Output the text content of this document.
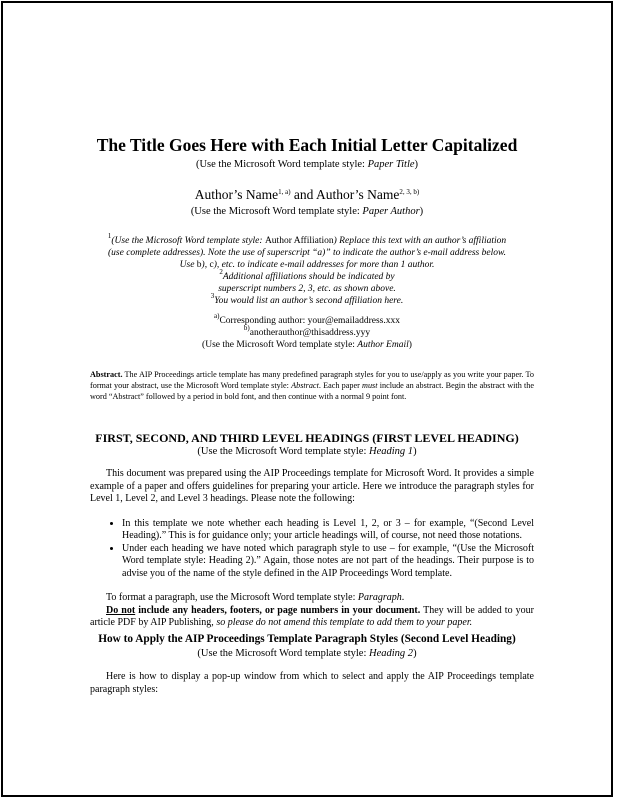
The Title Goes Here with Each Initial Letter Capitalized
(Use the Microsoft Word template style: Paper Title)
Author’s Name$^{1, a)}$ and Author’s Name$^{2, 3, b)}$
(Use the Microsoft Word template style: Paper Author)
$^1$(Use the Microsoft Word template style: Author Affiliation) Replace this text with an author’s affiliation
(use complete addresses). Note the use of superscript “a)” to indicate the author’s e-mail address below.
Use b), c), etc. to indicate e-mail addresses for more than 1 author.
$^2$Additional affiliations should be indicated by
superscript numbers 2, 3, etc. as shown above.
$^3$You would list an author’s second affiliation here.
$^{a)}$Corresponding author: your@emailaddress.xxx
$^{b)}$anotherauthor@thisaddress.yyy
(Use the Microsoft Word template style: Author Email)
Abstract. The AIP Proceedings article template has many predefined paragraph styles for you to use/apply as you write your paper. To format your abstract, use the Microsoft Word template style: Abstract. Each paper must include an abstract. Begin the abstract with the word “Abstract” followed by a period in bold font, and then continue with a normal 9 point font.
FIRST, SECOND, AND THIRD LEVEL HEADINGS (FIRST LEVEL HEADING)
(Use the Microsoft Word template style: Heading 1)

This document was prepared using the AIP Proceedings template for Microsoft Word. It provides a simple example of a paper and offers guidelines for preparing your article. Here we introduce the paragraph styles for Level 1, Level 2, and Level 3 headings. Please note the following:

• In this template we note whether each heading is Level 1, 2, or 3 – for example, “(Second Level Heading).” This is for guidance only; your article headings will, of course, not need those notations.
• Under each heading we have noted which paragraph style to use – for example, “(Use the Microsoft Word template style: Heading 2).” Again, those notes are not part of the headings. Their purpose is to advise you of the name of the style defined in the AIP Proceedings Word template.

To format a paragraph, use the Microsoft Word template style: Paragraph.

Do not include any headers, footers, or page numbers in your document. They will be added to your article PDF by AIP Publishing, so please do not amend this template to add them to your paper.

How to Apply the AIP Proceedings Template Paragraph Styles (Second Level Heading)
(Use the Microsoft Word template style: Heading 2)

Here is how to display a pop-up window from which to select and apply the AIP Proceedings template paragraph styles:
